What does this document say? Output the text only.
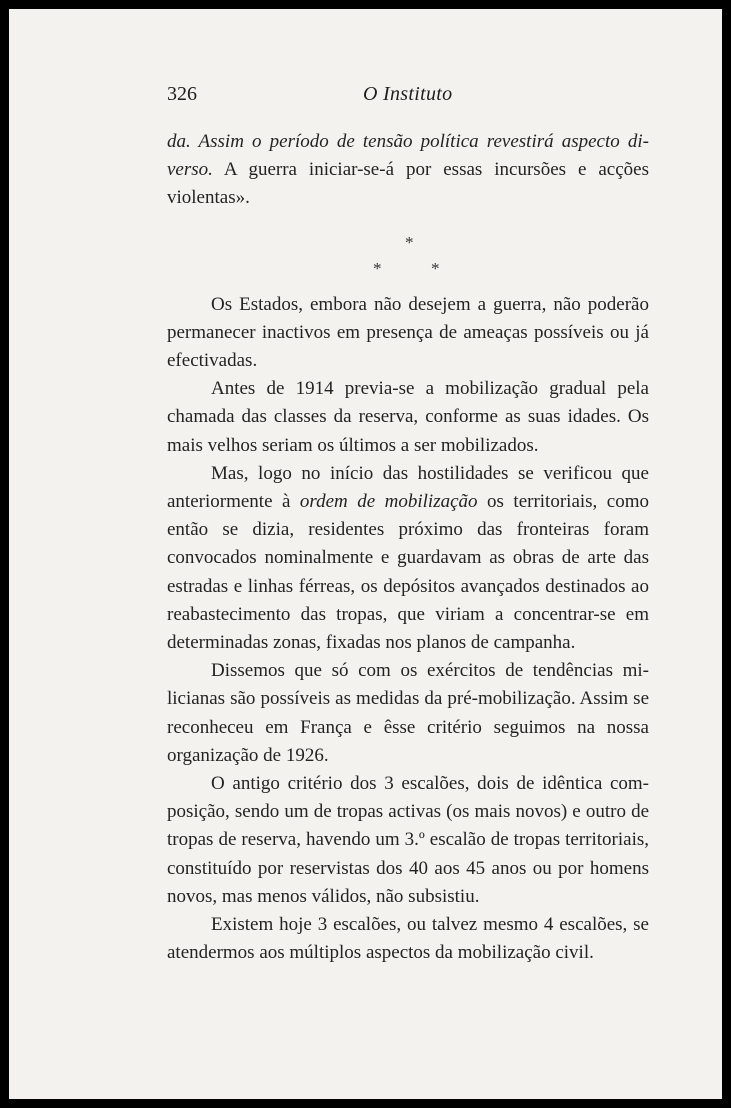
326	O Instituto

da. Assim o período de tensão política revestirá aspecto diverso. A guerra iniciar-se-á por essas incursões e acções violentas».

*
*	*

Os Estados, embora não desejem a guerra, não poderão permanecer inactivos em presença de ameaças possíveis ou já efectivadas.

Antes de 1914 previa-se a mobilização gradual pela chamada das classes da reserva, conforme as suas idades. Os mais velhos seriam os últimos a ser mobilizados.

Mas, logo no início das hostilidades se verificou que anteriormente à ordem de mobilização os territoriais, como então se dizia, residentes próximo das fronteiras foram convocados nominalmente e guardavam as obras de arte das estradas e linhas férreas, os depósitos avançados destinados ao reabastecimento das tropas, que viriam a concentrar-se em determinadas zonas, fixadas nos planos de campanha.

Dissemos que só com os exércitos de tendências milicianas são possíveis as medidas da pré-mobilização. Assim se reconheceu em França e êsse critério seguimos na nossa organização de 1926.

O antigo critério dos 3 escalões, dois de idêntica composição, sendo um de tropas activas (os mais novos) e outro de tropas de reserva, havendo um 3.º escalão de tropas territoriais, constituído por reservistas dos 40 aos 45 anos ou por homens novos, mas menos válidos, não subsistiu.

Existem hoje 3 escalões, ou talvez mesmo 4 escalões, se atendermos aos múltiplos aspectos da mobilização civil.
